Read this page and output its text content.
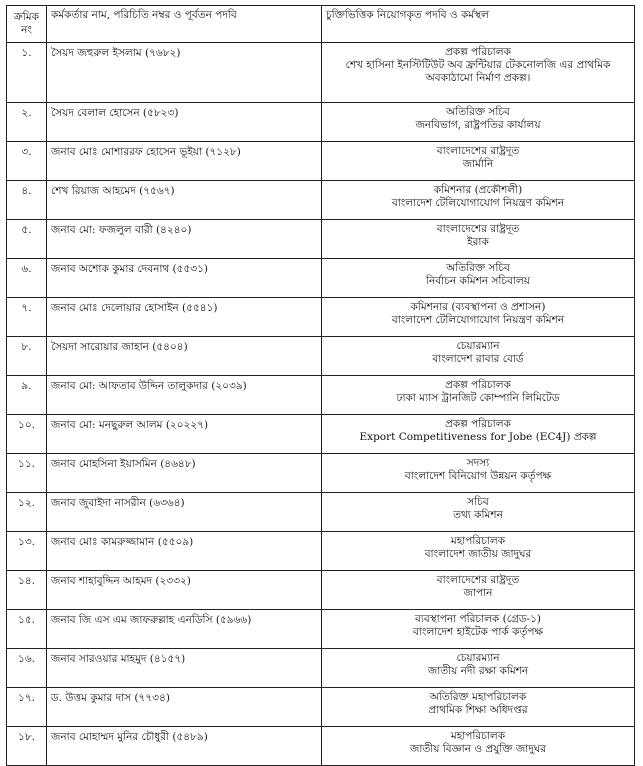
ক্রমিক নং	কর্মকর্তার নাম, পরিচিতি নম্বর ও পূর্বতন পদবি	চুক্তিভিত্তিক নিয়োগকৃত পদবি ও কর্মস্থল
১.	সৈয়দ জহুরুল ইসলাম (৭৬৮২)	প্রকল্প পরিচালক
শেখ হাসিনা ইনস্টিটিউট অব ফ্রন্টিয়ার টেকনোলজি এর প্রাথমিক
অবকাঠামো নির্মাণ প্রকল্প।

২.	সৈয়দ বেলাল হোসেন (৫৮২৩)	অতিরিক্ত সচিব
জনবিভাগ, রাষ্ট্রপতির কার্যালয়

৩.	জনাব মোঃ মোশাররফ হোসেন ভূইয়া (৭১২৮)	বাংলাদেশের রাষ্ট্রদূত
জার্মানি

৪.	শেখ রিয়াজ আহমেদ (৭৫৬৭)	কমিশনার (প্রকৌশলী)
বাংলাদেশ টেলিযোগাযোগ নিয়ন্ত্রণ কমিশন

৫.	জনাব মো: ফজলুল বারী (৪২৪০)	বাংলাদেশের রাষ্ট্রদূত
ইরাক

৬.	জনাব অশোক কুমার দেবনাথ (৫৫৩১)	অতিরিক্ত সচিব
নির্বাচন কমিশন সচিবালয়

৭.	জনাব মোঃ দেলোয়ার হোসাইন (৫৫৪১)	কমিশনার (ব্যবস্থাপনা ও প্রশাসন)
বাংলাদেশ টেলিযোগাযোগ নিয়ন্ত্রণ কমিশন

৮.	সৈয়দা সারোয়ার জাহান (৫৪০৪)	চেয়ারম্যান
বাংলাদেশ রাবার বোর্ড

৯.	জনাব মো: আফতাব উদ্দিন তালুকদার (২০৩৯)	প্রকল্প পরিচালক
ঢাকা ম্যাস ট্রানজিট কোম্পানি লিমিটেড

১০.	জনাব মো: মনছুরুল আলম (২০২২৭)	প্রকল্প পরিচালক
Export Competitiveness for Jobe (EC4J) প্রকল্প

১১.	জনাব মোহসিনা ইয়াসমিন (৪৬৪৮)	সদস্য
বাংলাদেশ বিনিয়োগ উন্নয়ন কর্তৃপক্ষ

১২.	জনাব জুবাইদা নাসরীন (৬৩৬৪)	সচিব
তথ্য কমিশন

১৩.	জনাব মোঃ কামরুজ্জামান (৫৫০৯)	মহাপরিচালক
বাংলাদেশ জাতীয় জাদুঘর

১৪.	জনাব শাহাবুদ্দিন আহমদ (২৩৩২)	বাংলাদেশের রাষ্ট্রদূত
জাপান

১৫.	জনাব জি এস এম জাফরুল্লাহ এনডিসি (৫৯৬৬)	ব্যবস্থাপনা পরিচালক (গ্রেড-১)
বাংলাদেশ হাইটেক পার্ক কর্তৃপক্ষ

১৬.	জনাব সারওয়ার মাহমুদ (৪১৫৭)	চেয়ারম্যান
জাতীয় নদী রক্ষা কমিশন

১৭.	ড. উত্তম কুমার দাস (৭৭৩৪)	অতিরিক্ত মহাপরিচালক
প্রাথমিক শিক্ষা অধিদপ্তর

১৮.	জনাব মোহাম্মদ মুনির চৌধুরী (৫৪৮৯)	মহাপরিচালক
জাতীয় বিজ্ঞান ও প্রযুক্তি জাদুঘর
